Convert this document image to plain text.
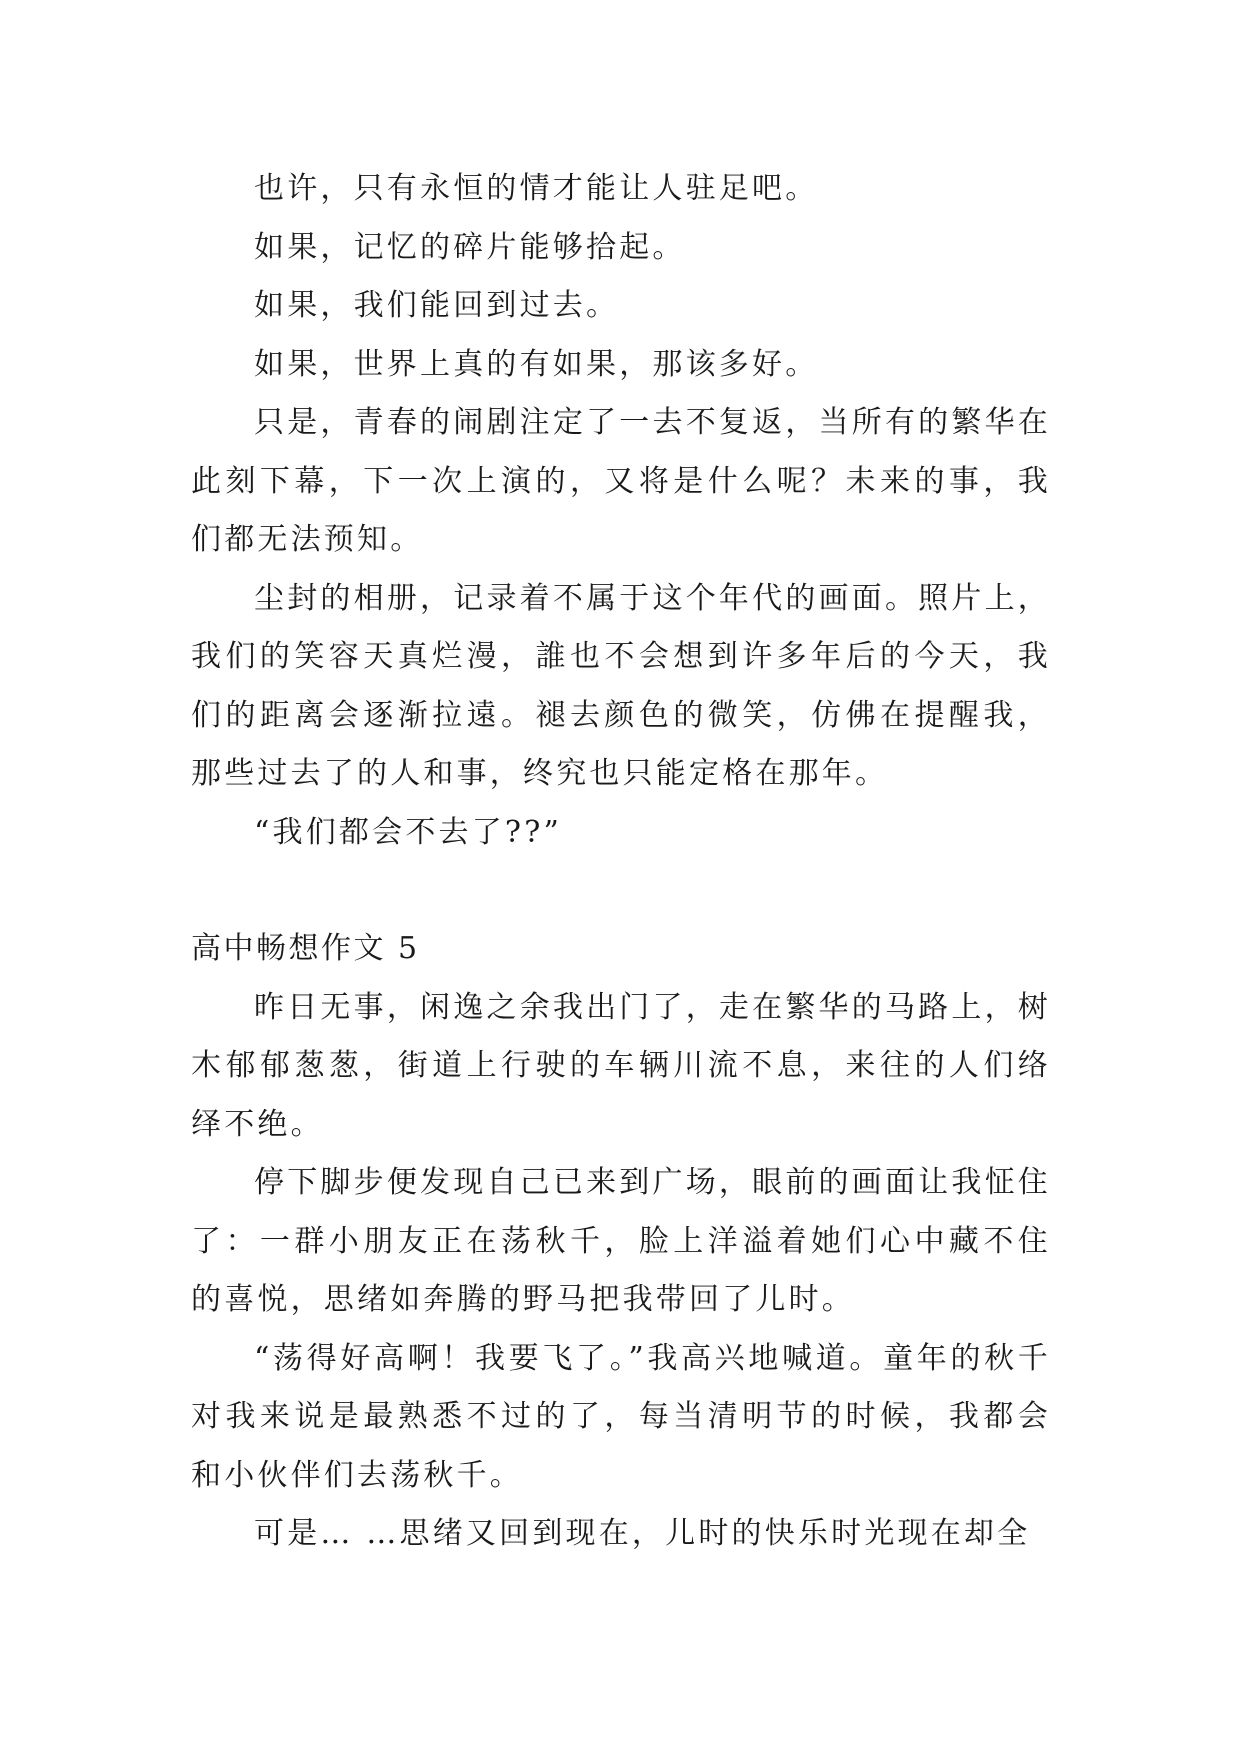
也许，只有永恒的情才能让人驻足吧。

如果，记忆的碎片能够拾起。

如果，我们能回到过去。

如果，世界上真的有如果，那该多好。

只是，青春的闹剧注定了一去不复返，当所有的繁华在此刻下幕，下一次上演的，又将是什么呢？未来的事，我们都无法预知。

尘封的相册，记录着不属于这个年代的画面。照片上，我们的笑容天真烂漫，誰也不会想到许多年后的今天，我们的距离会逐渐拉遠。褪去颜色的微笑，仿佛在提醒我，那些过去了的人和事，终究也只能定格在那年。

“我们都会不去了??”

高中畅想作文 5

昨日无事，闲逸之余我出门了，走在繁华的马路上，树木郁郁葱葱，街道上行驶的车辆川流不息，来往的人们络绎不绝。

停下脚步便发现自己已来到广场，眼前的画面让我怔住了：一群小朋友正在荡秋千，脸上洋溢着她们心中藏不住的喜悦，思绪如奔腾的野马把我带回了儿时。

“荡得好高啊！我要飞了。”我高兴地喊道。童年的秋千对我来说是最熟悉不过的了，每当清明节的时候，我都会和小伙伴们去荡秋千。

可是… …思绪又回到现在，儿时的快乐时光现在却全
